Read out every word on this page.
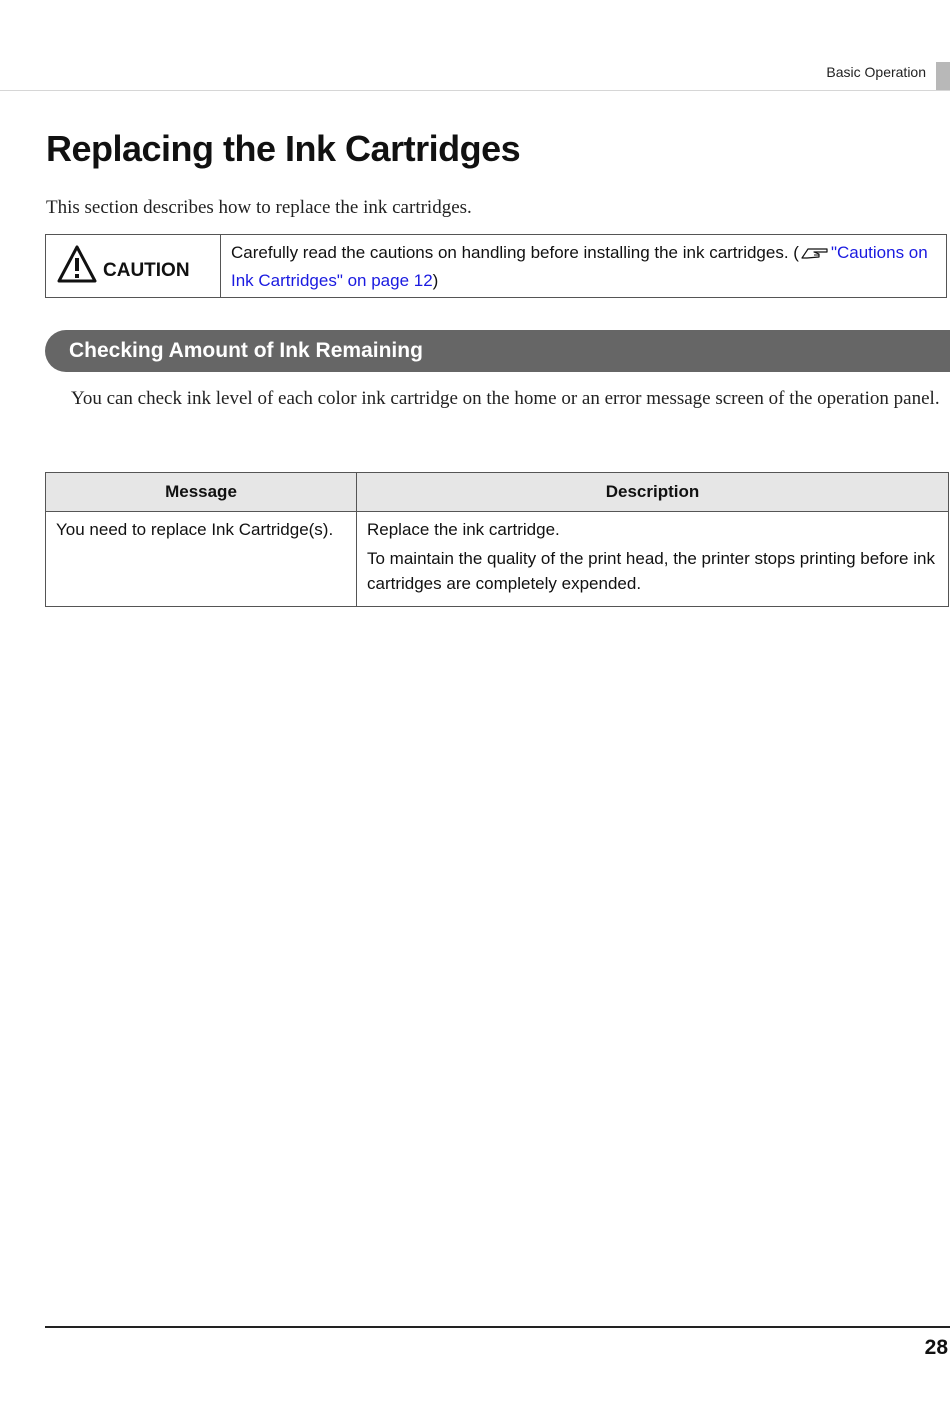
Basic Operation
Replacing the Ink Cartridges
This section describes how to replace the ink cartridges.
CAUTION
Carefully read the cautions on handling before installing the ink cartridges. ( "Cautions on Ink Cartridges" on page 12)
Checking Amount of Ink Remaining
You can check ink level of each color ink cartridge on the home or an error message screen of the operation panel.
Message	Description
You need to replace Ink Cartridge(s).	Replace the ink cartridge.

To maintain the quality of the print head, the printer stops printing before ink cartridges are completely expended.

28
